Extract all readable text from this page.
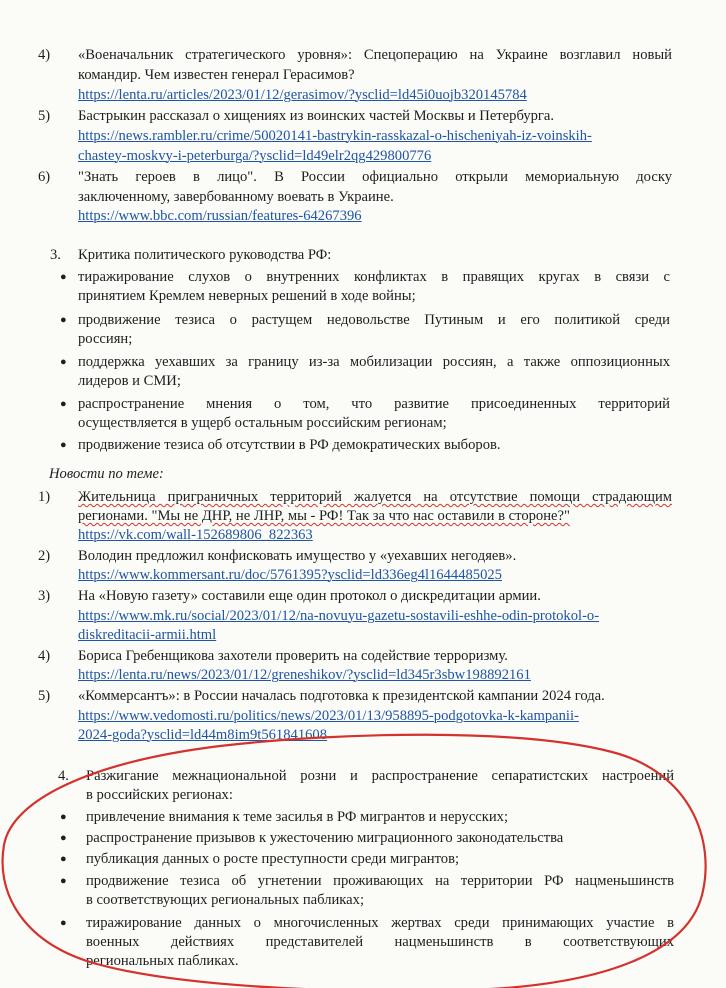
4) «Военачальник стратегического уровня»: Спецоперацию на Украине возглавил новый
командир. Чем известен генерал Герасимов?
https://lenta.ru/articles/2023/01/12/gerasimov/?ysclid=ld45i0uojb320145784
5) Бастрыкин рассказал о хищениях из воинских частей Москвы и Петербурга.
https://news.rambler.ru/crime/50020141-bastrykin-rasskazal-o-hischeniyah-iz-voinskih-
chastey-moskvy-i-peterburga/?ysclid=ld49elr2qg429800776
6) "Знать героев в лицо". В России официально открыли мемориальную доску
заключенному, завербованному воевать в Украине.
https://www.bbc.com/russian/features-64267396
3. Критика политического руководства РФ:
● тиражирование слухов о внутренних конфликтах в правящих кругах в связи с
принятием Кремлем неверных решений в ходе войны;
● продвижение тезиса о растущем недовольстве Путиным и его политикой среди
россиян;
● поддержка уехавших за границу из-за мобилизации россиян, а также оппозиционных
лидеров и СМИ;
● распространение мнения о том, что развитие присоединенных территорий
осуществляется в ущерб остальным российским регионам;
● продвижение тезиса об отсутствии в РФ демократических выборов.
Новости по теме:
1) Жительница приграничных территорий жалуется на отсутствие помощи страдающим
регионами. "Мы не ДНР, не ЛНР, мы - РФ! Так за что нас оставили в стороне?"
https://vk.com/wall-152689806_822363
2) Володин предложил конфисковать имущество у «уехавших негодяев».
https://www.kommersant.ru/doc/5761395?ysclid=ld336eg4l1644485025
3) На «Новую газету» составили еще один протокол о дискредитации армии.
https://www.mk.ru/social/2023/01/12/na-novuyu-gazetu-sostavili-eshhe-odin-protokol-o-
diskreditacii-armii.html
4) Бориса Гребенщикова захотели проверить на содействие терроризму.
https://lenta.ru/news/2023/01/12/greneshikov/?ysclid=ld345r3sbw198892161
5) «Коммерсантъ»: в России началась подготовка к президентской кампании 2024 года.
https://www.vedomosti.ru/politics/news/2023/01/13/958895-podgotovka-k-kampanii-
2024-goda?ysclid=ld44m8im9t561841608
4. Разжигание межнациональной розни и распространение сепаратистских настроений
в российских регионах:
● привлечение внимания к теме засилья в РФ мигрантов и нерусских;
● распространение призывов к ужесточению миграционного законодательства
● публикация данных о росте преступности среди мигрантов;
● продвижение тезиса об угнетении проживающих на территории РФ нацменьшинств
в соответствующих региональных пабликах;
● тиражирование данных о многочисленных жертвах среди принимающих участие в
военных действиях представителей нацменьшинств в соответствующих
региональных пабликах.
